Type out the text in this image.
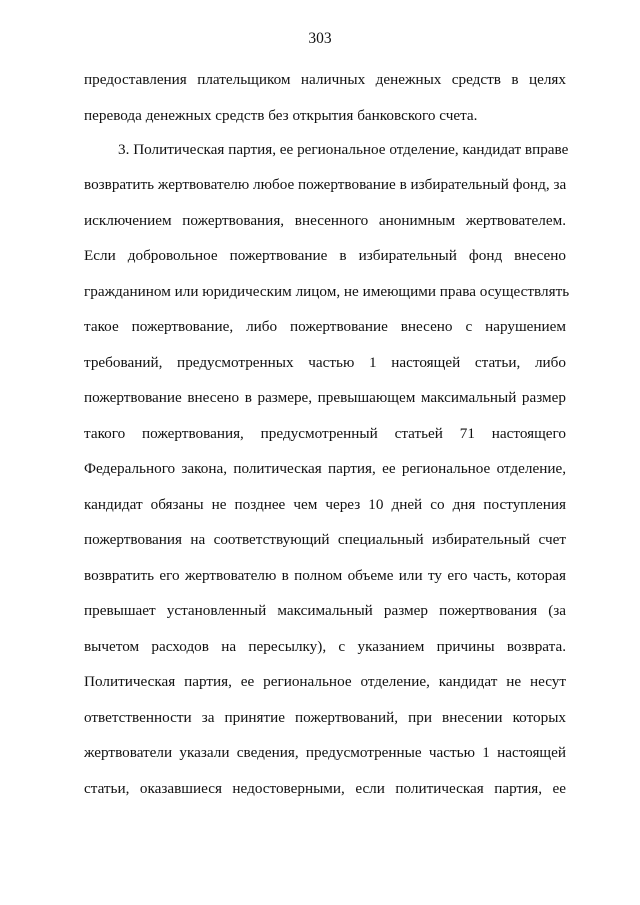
303
предоставления плательщиком наличных денежных средств в целях
перевода денежных средств без открытия банковского счета.
3. Политическая партия, ее региональное отделение, кандидат вправе
возвратить жертвователю любое пожертвование в избирательный фонд, за
исключением пожертвования, внесенного анонимным жертвователем.
Если добровольное пожертвование в избирательный фонд внесено
гражданином или юридическим лицом, не имеющими права осуществлять
такое пожертвование, либо пожертвование внесено с нарушением
требований, предусмотренных частью 1 настоящей статьи, либо
пожертвование внесено в размере, превышающем максимальный размер
такого пожертвования, предусмотренный статьей 71 настоящего
Федерального закона, политическая партия, ее региональное отделение,
кандидат обязаны не позднее чем через 10 дней со дня поступления
пожертвования на соответствующий специальный избирательный счет
возвратить его жертвователю в полном объеме или ту его часть, которая
превышает установленный максимальный размер пожертвования (за
вычетом расходов на пересылку), с указанием причины возврата.
Политическая партия, ее региональное отделение, кандидат не несут
ответственности за принятие пожертвований, при внесении которых
жертвователи указали сведения, предусмотренные частью 1 настоящей
статьи, оказавшиеся недостоверными, если политическая партия, ее
